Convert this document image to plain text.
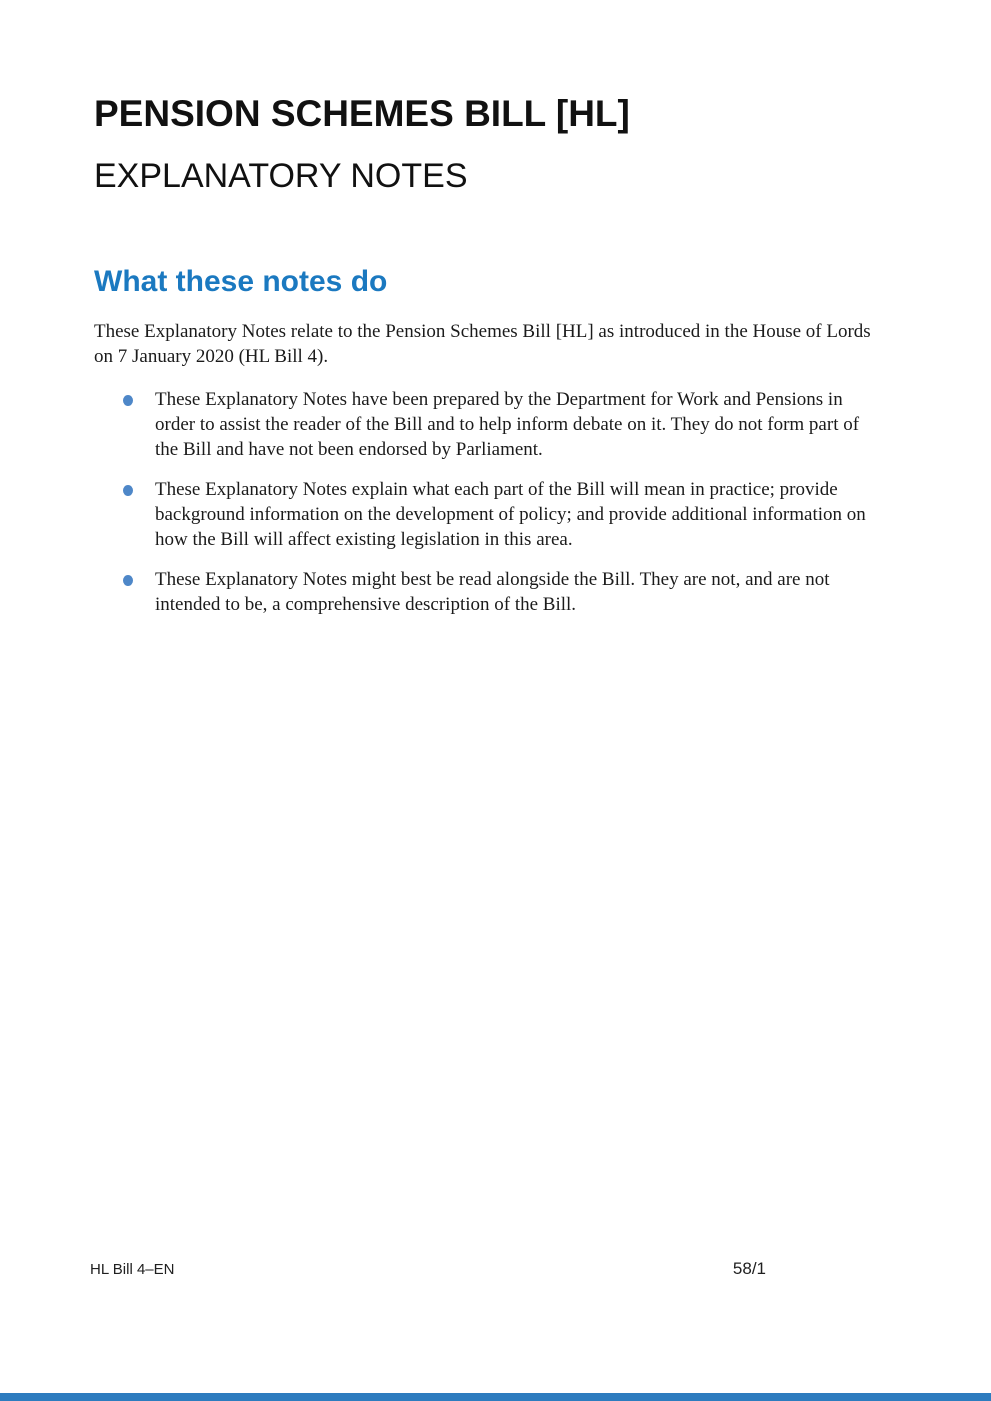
PENSION SCHEMES BILL [HL]
EXPLANATORY NOTES
What these notes do

These Explanatory Notes relate to the Pension Schemes Bill [HL] as introduced in the House of Lords on 7 January 2020 (HL Bill 4).

These Explanatory Notes have been prepared by the Department for Work and Pensions in order to assist the reader of the Bill and to help inform debate on it. They do not form part of the Bill and have not been endorsed by Parliament.
These Explanatory Notes explain what each part of the Bill will mean in practice; provide background information on the development of policy; and provide additional information on how the Bill will affect existing legislation in this area.
These Explanatory Notes might best be read alongside the Bill. They are not, and are not intended to be, a comprehensive description of the Bill.
HL Bill 4–EN	58/1
